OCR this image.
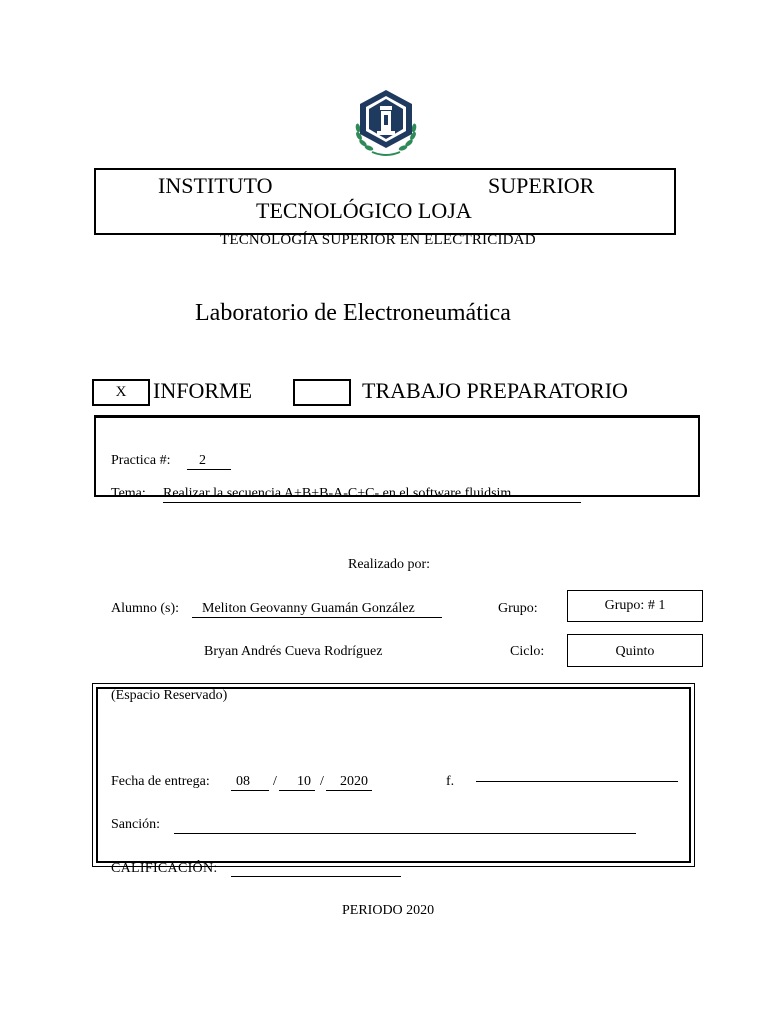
INSTITUTO	SUPERIOR
TECNOLÓGICO LOJA
TECNOLOGÍA SUPERIOR EN ELECTRICIDAD
Laboratorio de Electroneumática
X	INFORME	TRABAJO PREPARATORIO
Practica #:	2
Tema: Realizar la secuencia A+B+B-A-C+C- en el software fluidsim
Realizado por:
Alumno (s):	Meliton Geovanny Guamán González
Bryan Andrés Cueva Rodríguez
Grupo:	Grupo: # 1
Ciclo:	Quinto
(Espacio Reservado)
Fecha de entrega:	08	/	10 /	2020	f.
Sanción:
CALIFICACIÓN:
PERIODO 2020
